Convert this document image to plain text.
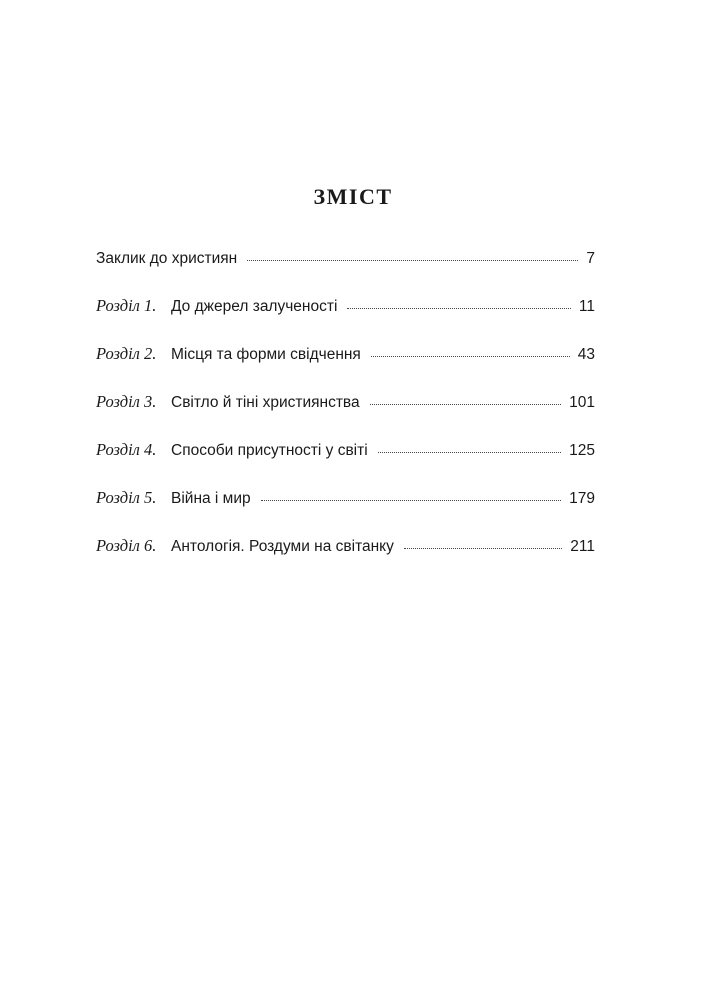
ЗМІСТ
Заклик до християн	7
Розділ 1. До джерел залученості	11
Розділ 2. Місця та форми свідчення	43
Розділ 3. Світло й тіні християнства	101
Розділ 4. Способи присутності у світі	125
Розділ 5. Війна і мир	179
Розділ 6. Антологія. Роздуми на світанку	211
